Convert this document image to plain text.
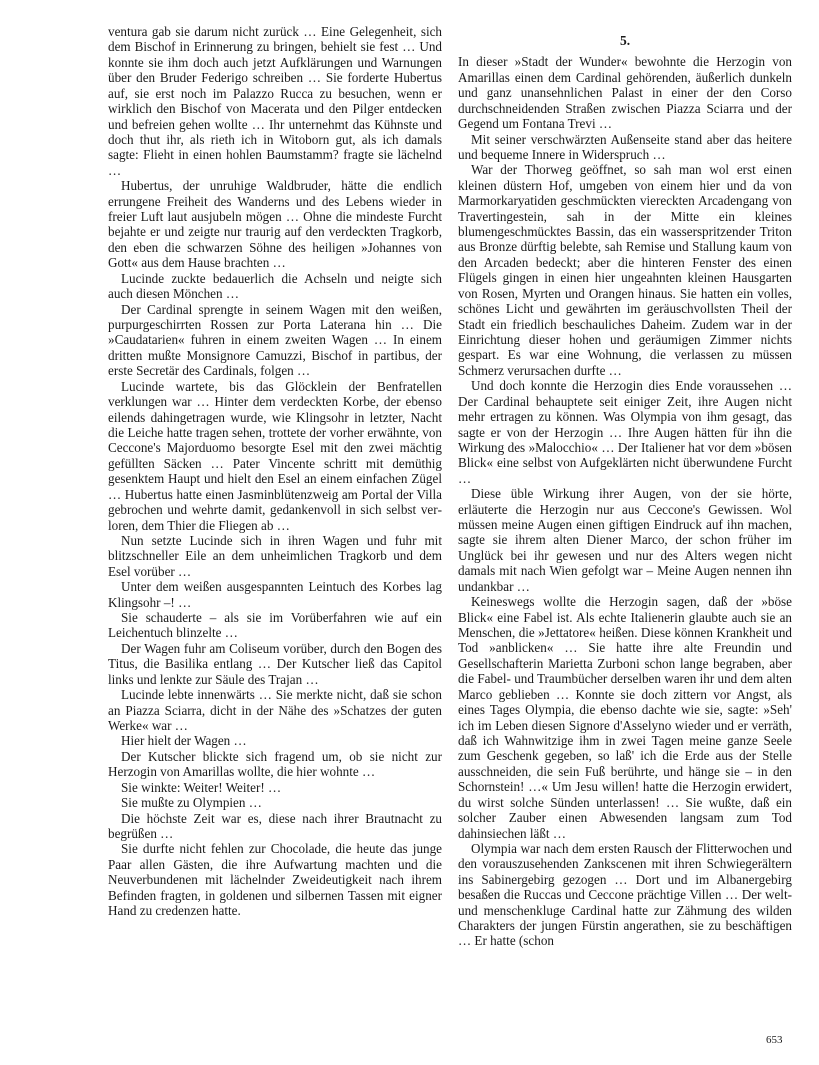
ventura gab sie darum nicht zurück … Eine Gelegenheit, sich dem Bischof in Erinnerung zu bringen, behielt sie fest … Und konnte sie ihm doch auch jetzt Aufklärungen und Warnungen über den Bruder Federigo schreiben … Sie forderte Hubertus auf, sie erst noch im Palazzo Rucca zu besuchen, wenn er wirklich den Bischof von Macerata und den Pilger entdecken und befreien gehen wollte … Ihr unternehmt das Kühnste und doch thut ihr, als rieth ich in Witoborn gut, als ich damals sagte: Flieht in einen hohlen Baumstamm? fragte sie lächelnd …

Hubertus, der unruhige Waldbruder, hätte die endlich errungene Freiheit des Wanderns und des Lebens wieder in freier Luft laut ausjubeln mögen … Ohne die mindeste Furcht bejahte er und zeigte nur traurig auf den verdeckten Tragkorb, den eben die schwarzen Söhne des heiligen »Johannes von Gott« aus dem Hause brachten …

Lucinde zuckte bedauerlich die Achseln und neigte sich auch diesen Mönchen …

Der Cardinal sprengte in seinem Wagen mit den weißen, purpurgeschirrten Rossen zur Porta Laterana hin … Die »Caudatarien« fuhren in einem zweiten Wagen … In einem dritten mußte Monsignore Camuzzi, Bischof in partibus, der erste Secretär des Cardinals, folgen …

Lucinde wartete, bis das Glöcklein der Benfratellen verklungen war … Hinter dem verdeckten Korbe, der ebenso eilends dahingetragen wurde, wie Klingsohr in letzter, Nacht die Leiche hatte tragen sehen, trottete der vorher erwähnte, von Ceccone's Majorduomo besorgte Esel mit den zwei mächtig gefüllten Säcken … Pater Vincente schritt mit demüthig gesenktem Haupt und hielt den Esel an einem einfachen Zügel … Hubertus hatte einen Jasminblütenzweig am Portal der Villa gebrochen und wehrte damit, gedankenvoll in sich selbst verloren, dem Thier die Fliegen ab …

Nun setzte Lucinde sich in ihren Wagen und fuhr mit blitzschneller Eile an dem unheimlichen Tragkorb und dem Esel vorüber …

Unter dem weißen ausgespannten Leintuch des Korbes lag Klingsohr –! …

Sie schauderte – als sie im Vorüberfahren wie auf ein Leichentuch blinzelte …

Der Wagen fuhr am Coliseum vorüber, durch den Bogen des Titus, die Basilika entlang … Der Kutscher ließ das Capitol links und lenkte zur Säule des Trajan …

Lucinde lebte innenwärts … Sie merkte nicht, daß sie schon an Piazza Sciarra, dicht in der Nähe des »Schatzes der guten Werke« war …

Hier hielt der Wagen …

Der Kutscher blickte sich fragend um, ob sie nicht zur Herzogin von Amarillas wollte, die hier wohnte …

Sie winkte: Weiter! Weiter! …

Sie mußte zu Olympien …

Die höchste Zeit war es, diese nach ihrer Brautnacht zu begrüßen …

Sie durfte nicht fehlen zur Chocolade, die heute das junge Paar allen Gästen, die ihre Aufwartung machten und die Neuverbundenen mit lächelnder Zweideutigkeit nach ihrem Befinden fragten, in goldenen und silbernen Tassen mit eigner Hand zu credenzen hatte.

5.

In dieser »Stadt der Wunder« bewohnte die Herzogin von Amarillas einen dem Cardinal gehörenden, äußerlich dunkeln und ganz unansehnlichen Palast in einer der den Corso durchschneidenden Straßen zwischen Piazza Sciarra und der Gegend um Fontana Trevi …

Mit seiner verschwärzten Außenseite stand aber das heitere und bequeme Innere in Widerspruch …

War der Thorweg geöffnet, so sah man wol erst einen kleinen düstern Hof, umgeben von einem hier und da von Marmorkaryatiden geschmückten viereckten Arcadengang von Travertingestein, sah in der Mitte ein kleines blumengeschmücktes Bassin, das ein wasserspritzender Triton aus Bronze dürftig belebte, sah Remise und Stallung kaum von den Arcaden bedeckt; aber die hinteren Fenster des einen Flügels gingen in einen hier ungeahnten kleinen Hausgarten von Rosen, Myrten und Orangen hinaus. Sie hatten ein volles, schönes Licht und gewährten im geräuschvollsten Theil der Stadt ein friedlich beschauliches Daheim. Zudem war in der Einrichtung dieser hohen und geräumigen Zimmer nichts gespart. Es war eine Wohnung, die verlassen zu müssen Schmerz verursachen durfte …

Und doch konnte die Herzogin dies Ende voraussehen … Der Cardinal behauptete seit einiger Zeit, ihre Augen nicht mehr ertragen zu können. Was Olympia von ihm gesagt, das sagte er von der Herzogin … Ihre Augen hätten für ihn die Wirkung des »Malocchio« … Der Italiener hat vor dem »bösen Blick« eine selbst von Aufgeklärten nicht überwundene Furcht …

Diese üble Wirkung ihrer Augen, von der sie hörte, erläuterte die Herzogin nur aus Ceccone's Gewissen. Wol müssen meine Augen einen giftigen Eindruck auf ihn machen, sagte sie ihrem alten Diener Marco, der schon früher im Unglück bei ihr gewesen und nur des Alters wegen nicht damals mit nach Wien gefolgt war – Meine Augen nennen ihn undankbar …

Keineswegs wollte die Herzogin sagen, daß der »böse Blick« eine Fabel ist. Als echte Italienerin glaubte auch sie an Menschen, die »Jettatore« heißen. Diese können Krankheit und Tod »anblicken« … Sie hatte ihre alte Freundin und Gesellschafterin Marietta Zurboni schon lange begraben, aber die Fabel- und Traumbücher derselben waren ihr und dem alten Marco geblieben … Konnte sie doch zittern vor Angst, als eines Tages Olympia, die ebenso dachte wie sie, sagte: »Seh' ich im Leben diesen Signore d'Asselyno wieder und er verräth, daß ich Wahnwitzige ihm in zwei Tagen meine ganze Seele zum Geschenk gegeben, so laß' ich die Erde aus der Stelle ausschneiden, die sein Fuß berührte, und hänge sie – in den Schornstein! …« Um Jesu willen! hatte die Herzogin erwidert, du wirst solche Sünden unterlassen! … Sie wußte, daß ein solcher Zauber einen Abwesenden langsam zum Tod dahinsiechen läßt …

Olympia war nach dem ersten Rausch der Flitterwochen und den vorauszusehenden Zankscenen mit ihren Schwiegerältern ins Sabinergebirg gezogen … Dort und im Albanergebirg besaßen die Ruccas und Ceccone prächtige Villen … Der welt- und menschenkluge Cardinal hatte zur Zähmung des wilden Charakters der jungen Fürstin angerathen, sie zu beschäftigen … Er hatte (schon

653
